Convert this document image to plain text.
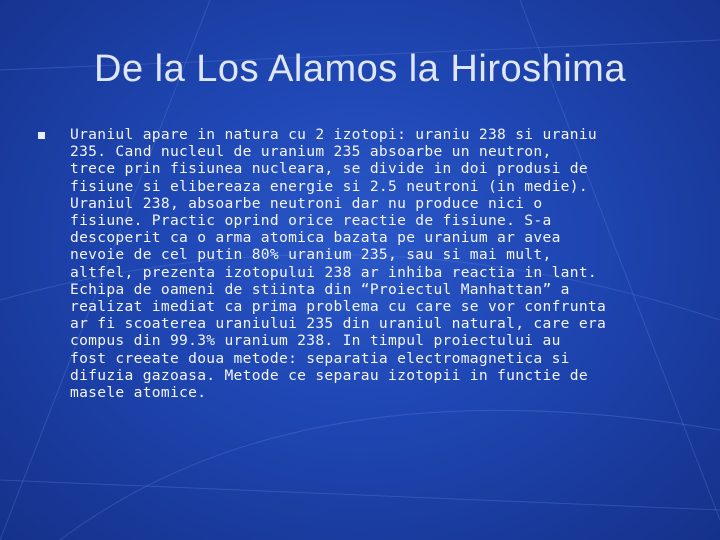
De la Los Alamos la Hiroshima

Uraniul apare in natura cu 2 izotopi: uraniu 238 si uraniu
235. Cand nucleul de uranium 235 absoarbe un neutron,
trece prin fisiunea nucleara, se divide in doi produsi de
fisiune si elibereaza energie si 2.5 neutroni (in medie).
Uraniul 238, absoarbe neutroni dar nu produce nici o
fisiune. Practic oprind orice reactie de fisiune. S-a
descoperit ca o arma atomica bazata pe uranium ar avea
nevoie de cel putin 80% uranium 235, sau si mai mult,
altfel, prezenta izotopului 238 ar inhiba reactia in lant.
Echipa de oameni de stiinta din “Proiectul Manhattan” a
realizat imediat ca prima problema cu care se vor confrunta
ar fi scoaterea uraniului 235 din uraniul natural, care era
compus din 99.3% uranium 238. In timpul proiectului au
fost creeate doua metode: separatia electromagnetica si
difuzia gazoasa. Metode ce separau izotopii in functie de
masele atomice.
